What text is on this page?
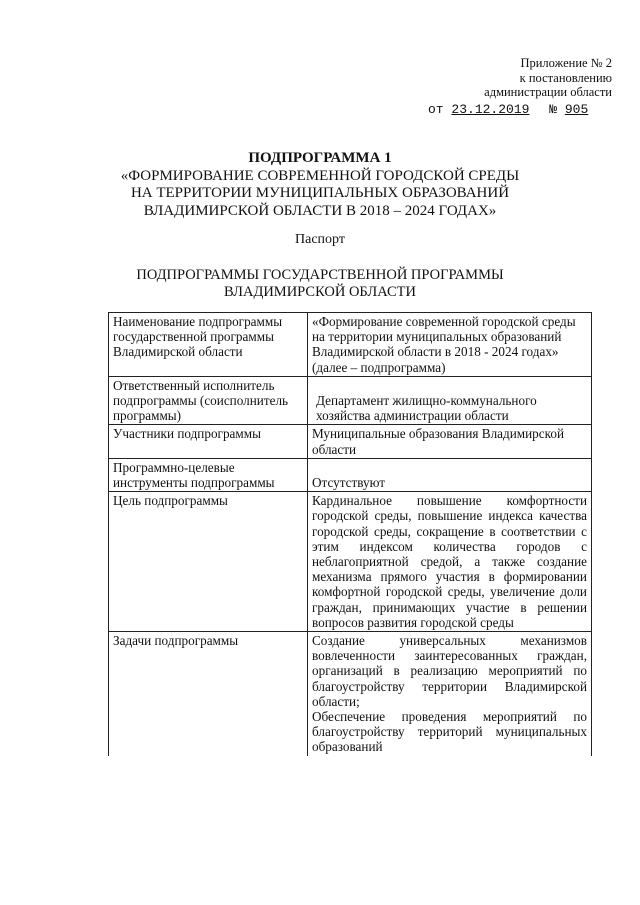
Приложение № 2
к постановлению
администрации области
от 23.12.2019 № 905
ПОДПРОГРАММА 1
«ФОРМИРОВАНИЕ СОВРЕМЕННОЙ ГОРОДСКОЙ СРЕДЫ
НА ТЕРРИТОРИИ МУНИЦИПАЛЬНЫХ ОБРАЗОВАНИЙ
ВЛАДИМИРСКОЙ ОБЛАСТИ В 2018 – 2024 ГОДАХ»
Паспорт
ПОДПРОГРАММЫ ГОСУДАРСТВЕННОЙ ПРОГРАММЫ
ВЛАДИМИРСКОЙ ОБЛАСТИ
Наименование подпрограммы государственной программы Владимирской области	«Формирование современной городской среды на территории муниципальных образований Владимирской области в 2018 - 2024 годах» (далее – подпрограмма)
Ответственный исполнитель подпрограммы (соисполнитель программы)	Департамент жилищно-коммунального хозяйства администрации области
Участники подпрограммы	Муниципальные образования Владимирской области
Программно-целевые инструменты подпрограммы	Отсутствуют
Цель подпрограммы	Кардинальное повышение комфортности городской среды, повышение индекса качества городской среды, сокращение в соответствии с этим индексом количества городов с неблагоприятной средой, а также создание механизма прямого участия в формировании комфортной городской среды, увеличение доли граждан, принимающих участие в решении вопросов развития городской среды
Задачи подпрограммы	Создание универсальных механизмов вовлеченности заинтересованных граждан, организаций в реализацию мероприятий по благоустройству территории Владимирской области;
Обеспечение проведения мероприятий по благоустройству территорий муниципальных образований
